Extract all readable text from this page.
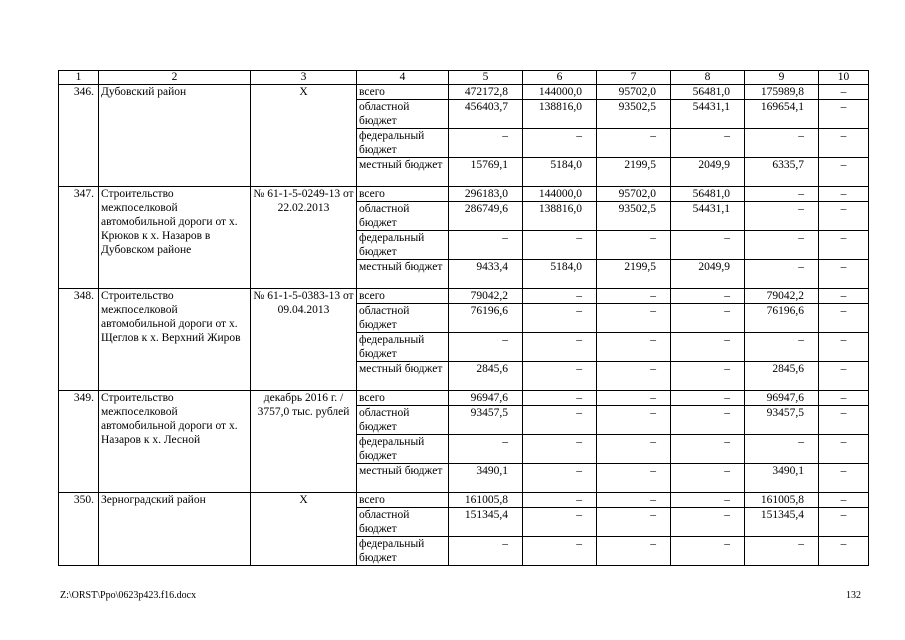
1	2	3	4	5	6	7	8	9	10
346.	Дубовский район	Х	всего	472172,8	144000,0	95702,0	56481,0	175989,8	–
			областной бюджет	456403,7	138816,0	93502,5	54431,1	169654,1	–
			федеральный бюджет	–	–	–	–	–	–
			местный бюджет	15769,1	5184,0	2199,5	2049,9	6335,7	–
347.	Строительство межпоселковой автомобильной дороги от х. Крюков к х. Назаров в Дубовском районе	№ 61-1-5-0249-13 от 22.02.2013	всего	296183,0	144000,0	95702,0	56481,0	–	–
			областной бюджет	286749,6	138816,0	93502,5	54431,1	–	–
			федеральный бюджет	–	–	–	–	–	–
			местный бюджет	9433,4	5184,0	2199,5	2049,9	–	–
348.	Строительство межпоселковой автомобильной дороги от х. Щеглов к х. Верхний Жиров	№ 61-1-5-0383-13 от 09.04.2013	всего	79042,2	–	–	–	79042,2	–
			областной бюджет	76196,6	–	–	–	76196,6	–
			федеральный бюджет	–	–	–	–	–	–
			местный бюджет	2845,6	–	–	–	2845,6	–
349.	Строительство межпоселковой автомобильной дороги от х. Назаров к х. Лесной	декабрь 2016 г. / 3757,0 тыс. рублей	всего	96947,6	–	–	–	96947,6	–
			областной бюджет	93457,5	–	–	–	93457,5	–
			федеральный бюджет	–	–	–	–	–	–
			местный бюджет	3490,1	–	–	–	3490,1	–
350.	Зерноградский район	Х	всего	161005,8	–	–	–	161005,8	–
			областной бюджет	151345,4	–	–	–	151345,4	–
			федеральный бюджет	–	–	–	–	–	–
Z:\ORST\Ppo\0623p423.f16.docx	132
